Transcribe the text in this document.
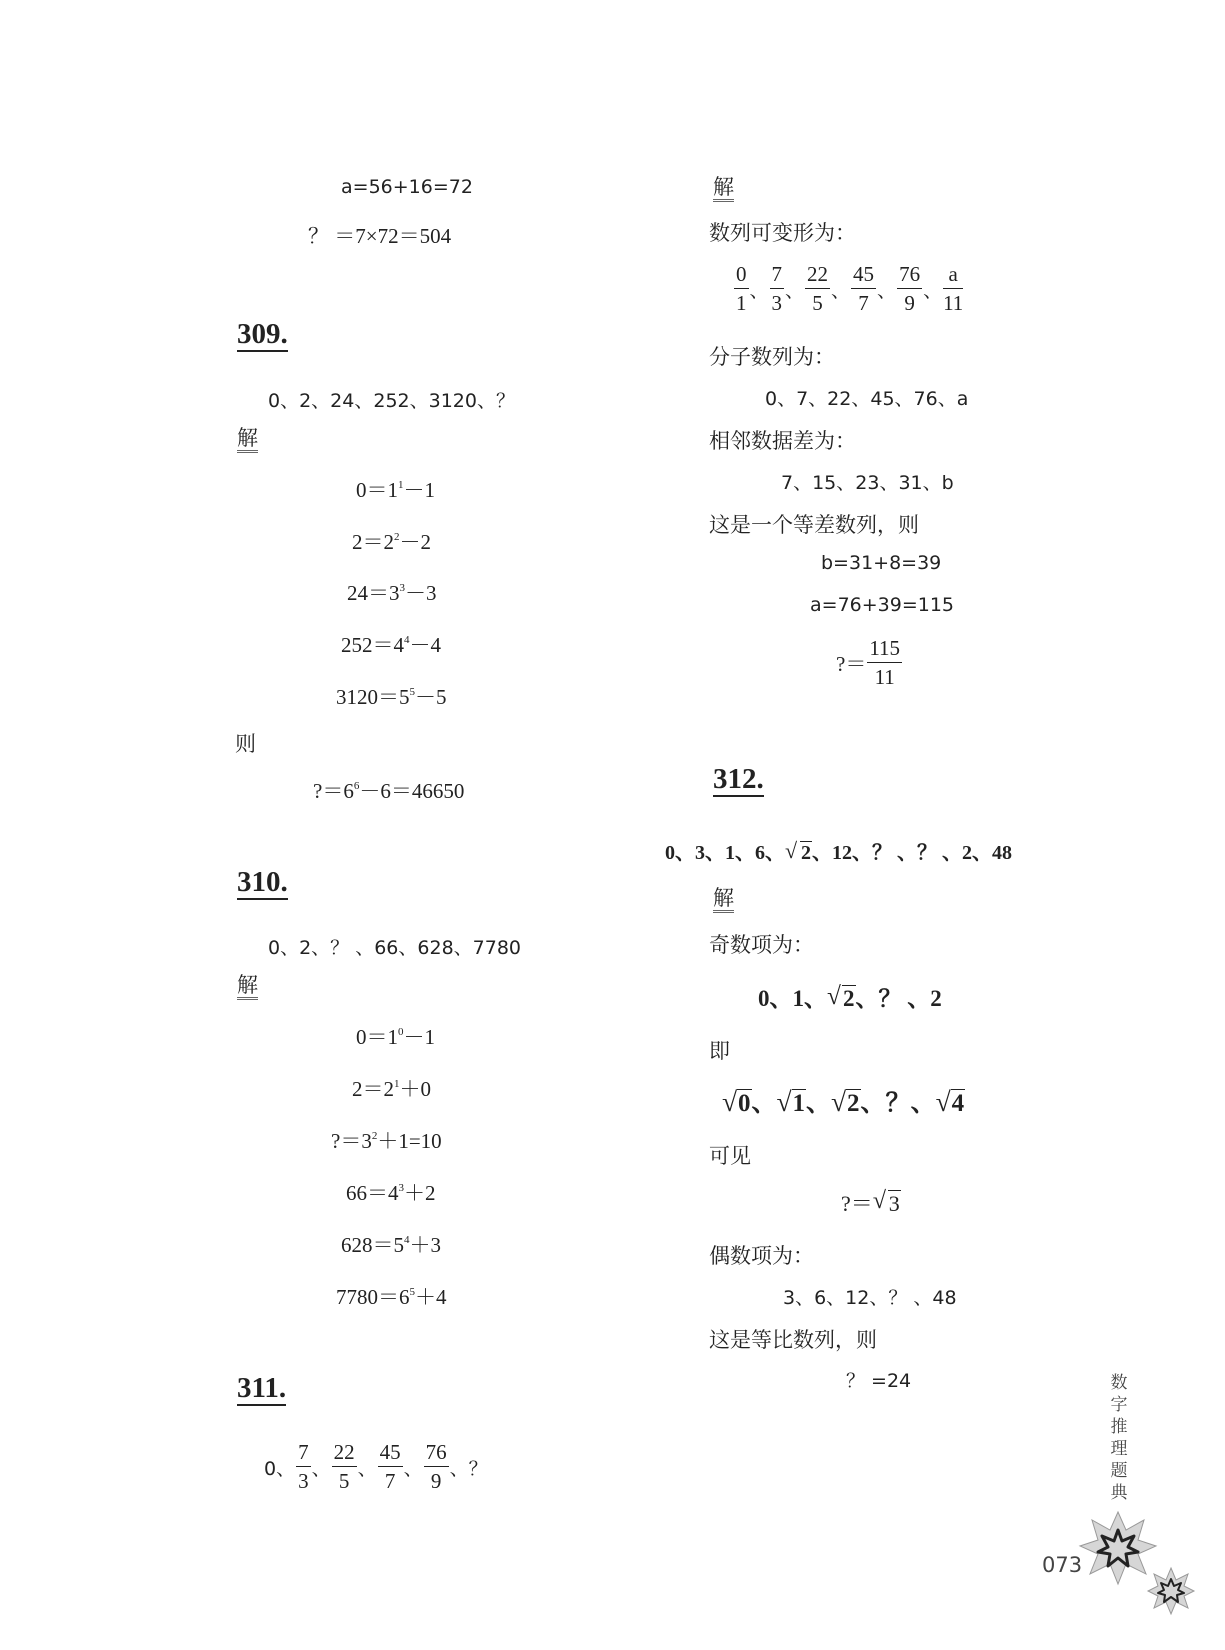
a=56+16=72
？ ＝7×72＝504
309.
0、2、24、252、3120、？
解
$0=1^1-1$
$2=2^2-2$
$24=3^3-3$
$252=4^4-4$
$3120=5^5-5$
则
$?=6^6-6=46650$
310.
0、2、？ 、66、628、7780
解
$0=1^0-1$
$2=2^1+0$
$?=3^2+1=10$
$66=4^3+2$
$628=5^4+3$
$7780=6^5+4$
311.
0、 $\frac{7}{3}$ 、 $\frac{22}{5}$ 、 $\frac{45}{7}$ 、 $\frac{76}{9}$ 、 ？
解
数列可变形为：
$\frac{0}{1}$ 、 $\frac{7}{3}$ 、 $\frac{22}{5}$ 、 $\frac{45}{7}$ 、 $\frac{76}{9}$ 、 $\frac{a}{11}$
分子数列为：
0、7、22、45、76、a
相邻数据差为：
7、15、23、31、b
这是一个等差数列，则
b=31+8=39
a=76+39=115
?＝ $\frac{115}{11}$
312.
0、3、1、6、 √ 2、12、？ 、？ 、2、48
解
奇数项为：
0、1、 √ 2、？ 、2
即
√ 0、 √ 1、 √ 2、？、 √ 4
可见
?＝ √ 3
偶数项为：
3、6、12、？ 、48
这是等比数列，则
？ =24	数
字
推
理
题
典
073
